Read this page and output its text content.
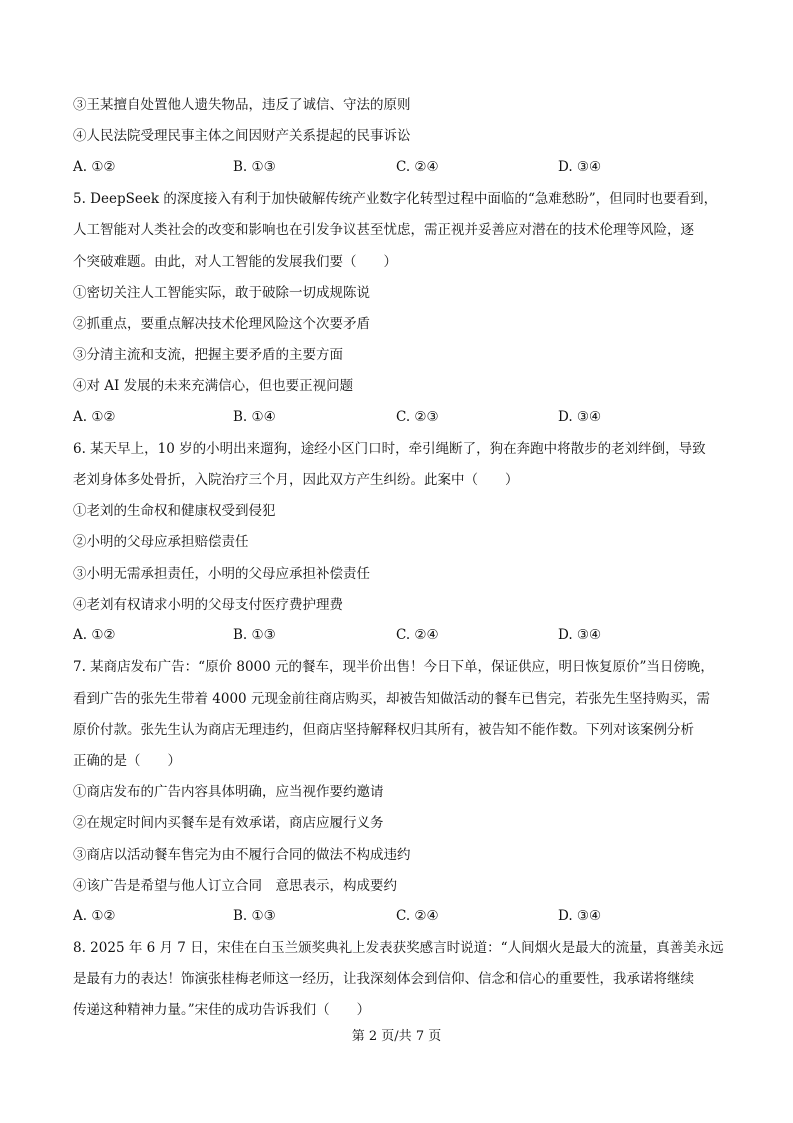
③王某擅自处置他人遗失物品，违反了诚信、守法的原则
④人民法院受理民事主体之间因财产关系提起的民事诉讼
A. ①②	B. ①③	C. ②④	D. ③④
5. DeepSeek 的深度接入有利于加快破解传统产业数字化转型过程中面临的“急难愁盼”，但同时也要看到，
人工智能对人类社会的改变和影响也在引发争议甚至忧虑，需正视并妥善应对潜在的技术伦理等风险，逐
个突破难题。由此，对人工智能的发展我们要（　　）
①密切关注人工智能实际，敢于破除一切成规陈说
②抓重点，要重点解决技术伦理风险这个次要矛盾
③分清主流和支流，把握主要矛盾的主要方面
④对 AI 发展的未来充满信心，但也要正视问题
A. ①②	B. ①④	C. ②③	D. ③④
6. 某天早上，10 岁的小明出来遛狗，途经小区门口时，牵引绳断了，狗在奔跑中将散步的老刘绊倒，导致
老刘身体多处骨折，入院治疗三个月，因此双方产生纠纷。此案中（　　）
①老刘的生命权和健康权受到侵犯
②小明的父母应承担赔偿责任
③小明无需承担责任，小明的父母应承担补偿责任
④老刘有权请求小明的父母支付医疗费护理费
A. ①②	B. ①③	C. ②④	D. ③④
7. 某商店发布广告：“原价 8000 元的餐车，现半价出售！今日下单，保证供应，明日恢复原价”当日傍晚，
看到广告的张先生带着 4000 元现金前往商店购买，却被告知做活动的餐车已售完，若张先生坚持购买，需
原价付款。张先生认为商店无理违约，但商店坚持解释权归其所有，被告知不能作数。下列对该案例分析
正确的是（　　）
①商店发布的广告内容具体明确，应当视作要约邀请
②在规定时间内买餐车是有效承诺，商店应履行义务
③商店以活动餐车售完为由不履行合同的做法不构成违约
④该广告是希望与他人订立合同　意思表示，构成要约
A. ①②	B. ①③	C. ②④	D. ③④
8. 2025 年 6 月 7 日，宋佳在白玉兰颁奖典礼上发表获奖感言时说道：“人间烟火是最大的流量，真善美永远
是最有力的表达！饰演张桂梅老师这一经历，让我深刻体会到信仰、信念和信心的重要性，我承诺将继续
传递这种精神力量。”宋佳的成功告诉我们（　　）
第 2 页/共 7 页
